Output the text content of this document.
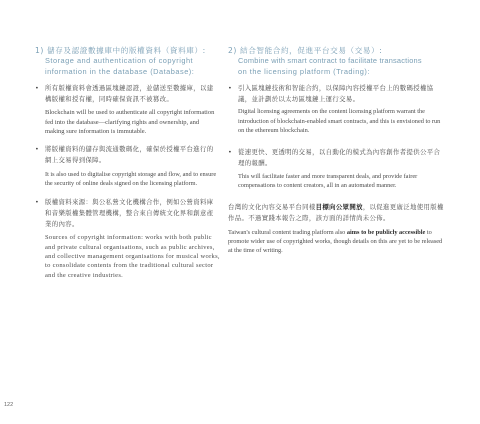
1) 儲存及認證數據庫中的版權資料（資料庫）:
Storage and authentication of copyright
information in the database (Database):
• 所有版權資料會透過區塊鏈認證，並儲送至數據庫，以建構版權和授有權，同時確保資訊不被篡改。
Blockchain will be used to authenticate all copyright information fed into the database—clarifying rights and ownership, and making sure information is immutable.
• 將版權資料的儲存與流通數碼化，確保於授權平台進行的網上交易得到保障。
It is also used to digitalise copyright storage and flow, and to ensure the security of online deals signed on the licensing platform.
• 版權資料來源：與公私營文化機構合作，例如公營資料庫和音樂版權集體管理機構，整合來自傳統文化界和創意產業的內容。
Sources of copyright information: works with both public and private cultural organisations, such as public archives, and collective management organisations for musical works, to consolidate contents from the traditional cultural sector and the creative industries.
2) 結合智能合約，促進平台交易（交易）:
Combine with smart contract to facilitate transactions
on the licensing platform (Trading):
• 引入區塊鏈技術和智能合約，以保障內容授權平台上的數碼授權協議，並計劃於以太坊區塊鏈上運行交易。
Digital licensing agreements on the content licensing platform warrant the introduction of blockchain-enabled smart contracts, and this is envisioned to run on the ethereum blockchain.
• 從速更快、更透明的交易，以自動化的模式為內容創作者提供公平合理的報酬。
This will facilitate faster and more transparent deals, and provide fairer compensations to content creators, all in an automated manner.
台灣的文化內容交易平台同樣目標向公眾開放，以促進更廣泛地使用版權作品。不過實踐本報告之際，該方面的詳情尚未公佈。
Taiwan's cultural content trading platform also aims to be publicly accessible to promote wider use of copyrighted works, though details on this are yet to be released at the time of writing.
122
